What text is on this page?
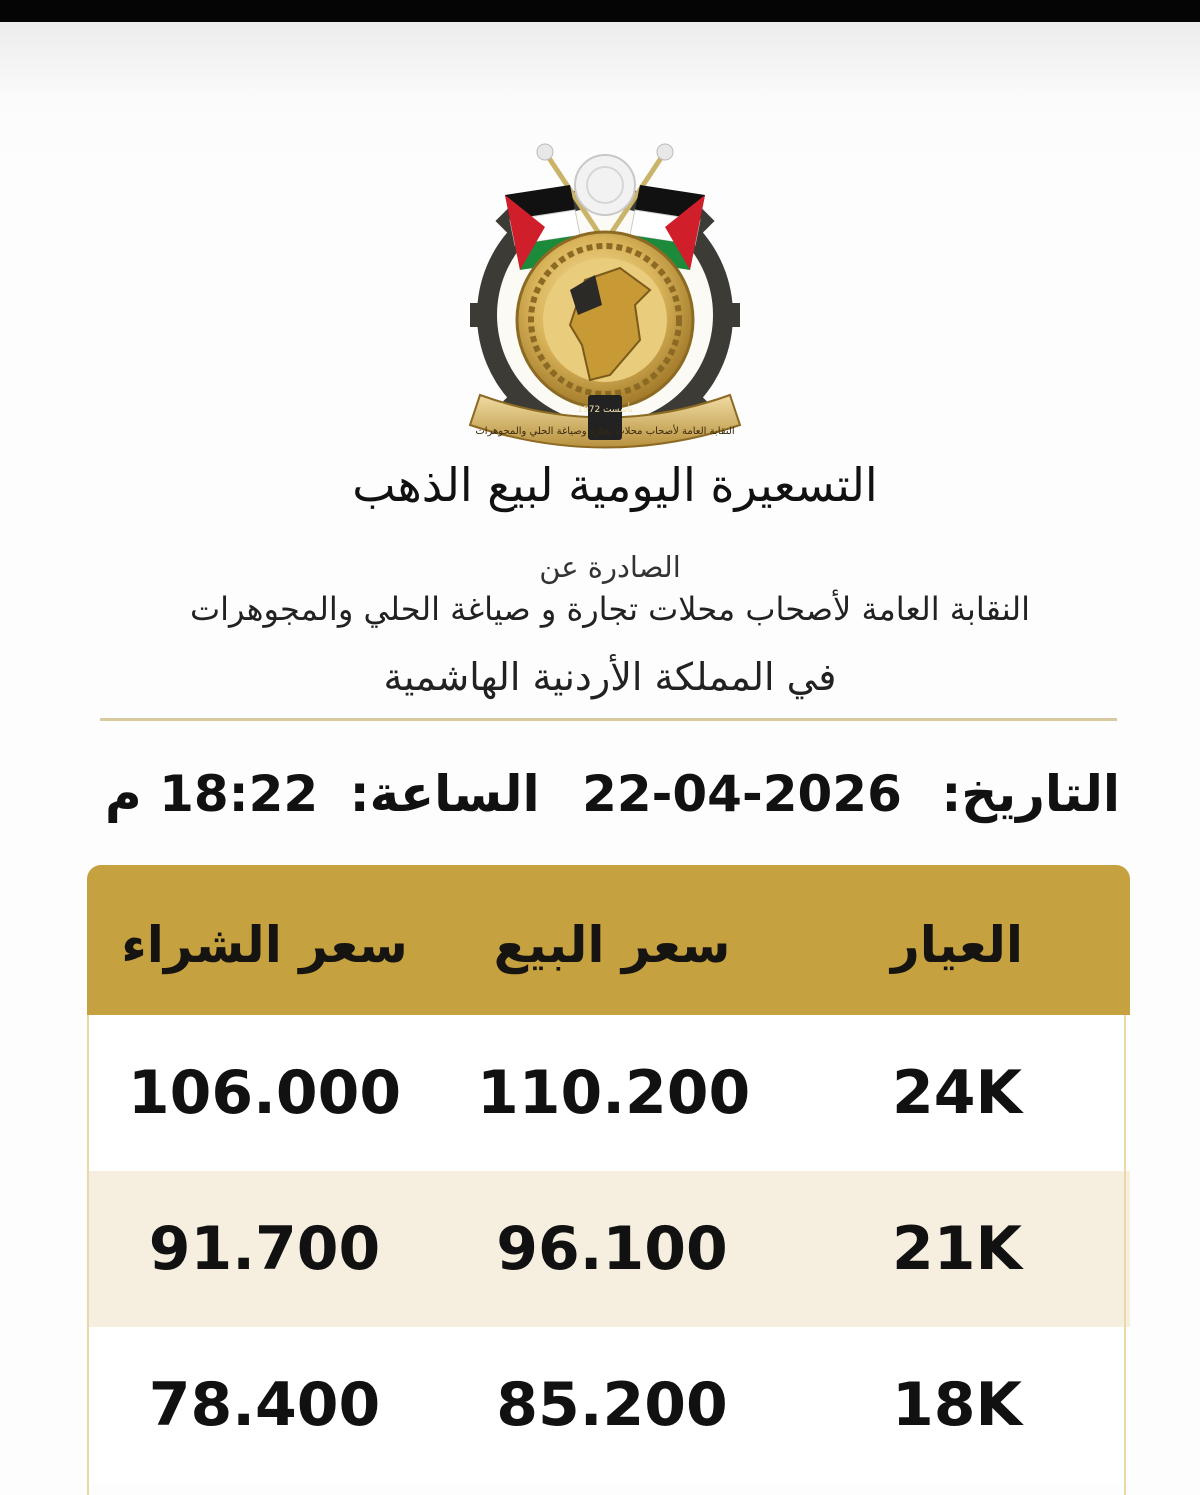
تأسست 1972
النقابة العامة لأصحاب محلات تجارة وصياغة الحلي والمجوهرات
التسعيرة اليومية لبيع الذهب
الصادرة عن
النقابة العامة لأصحاب محلات تجارة و صياغة الحلي والمجوهرات
في المملكة الأردنية الهاشمية
التاريخ: 22-04-2026
الساعة: 18:22 م
العيار
سعر البيع
سعر الشراء
24K
110.200
106.000
21K
96.100
91.700
18K
85.200
78.400
